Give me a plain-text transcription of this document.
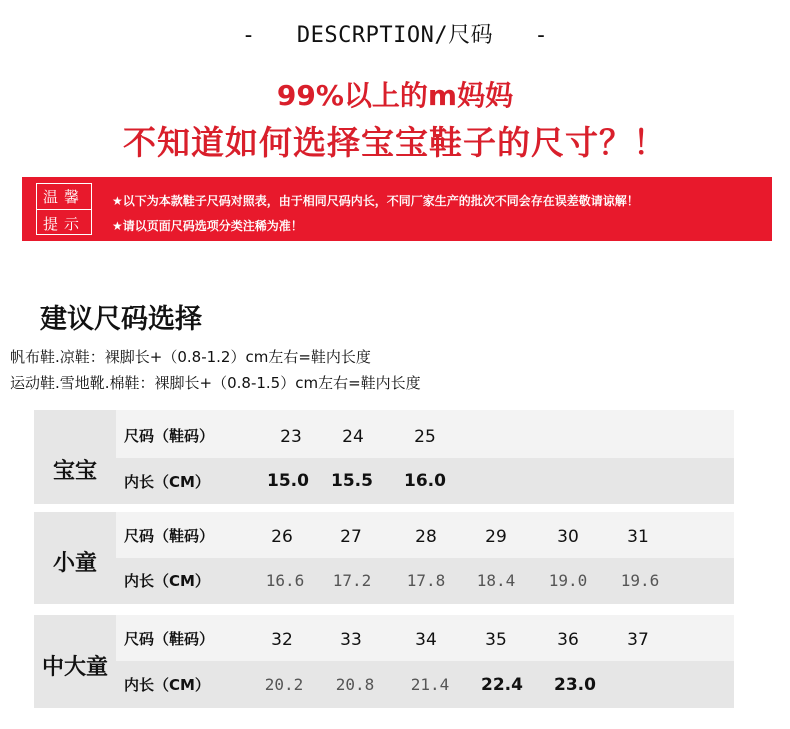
-   DESCRPTION/尺码   -
99%以上的m妈妈
不知道如何选择宝宝鞋子的尺寸？！
温馨
提示
★以下为本款鞋子尺码对照表，由于相同尺码内长，不同厂家生产的批次不同会存在误差敬请谅解！
★请以页面尺码选项分类注稀为准！
建议尺码选择
帆布鞋.凉鞋：裸脚长+（0.8-1.2）cm左右=鞋内长度
运动鞋.雪地靴.棉鞋：裸脚长+（0.8-1.5）cm左右=鞋内长度
宝宝
尺码（鞋码）
内长（CM）
23	24	25
15.0	15.5	16.0
小童
尺码（鞋码）
内长（CM）
26	27	28	29	30	31
16.6	17.2	17.8	18.4	19.0	19.6
中大童
尺码（鞋码）
内长（CM）
32	33	34	35	36	37
20.2	20.8	21.4	22.4	23.0
